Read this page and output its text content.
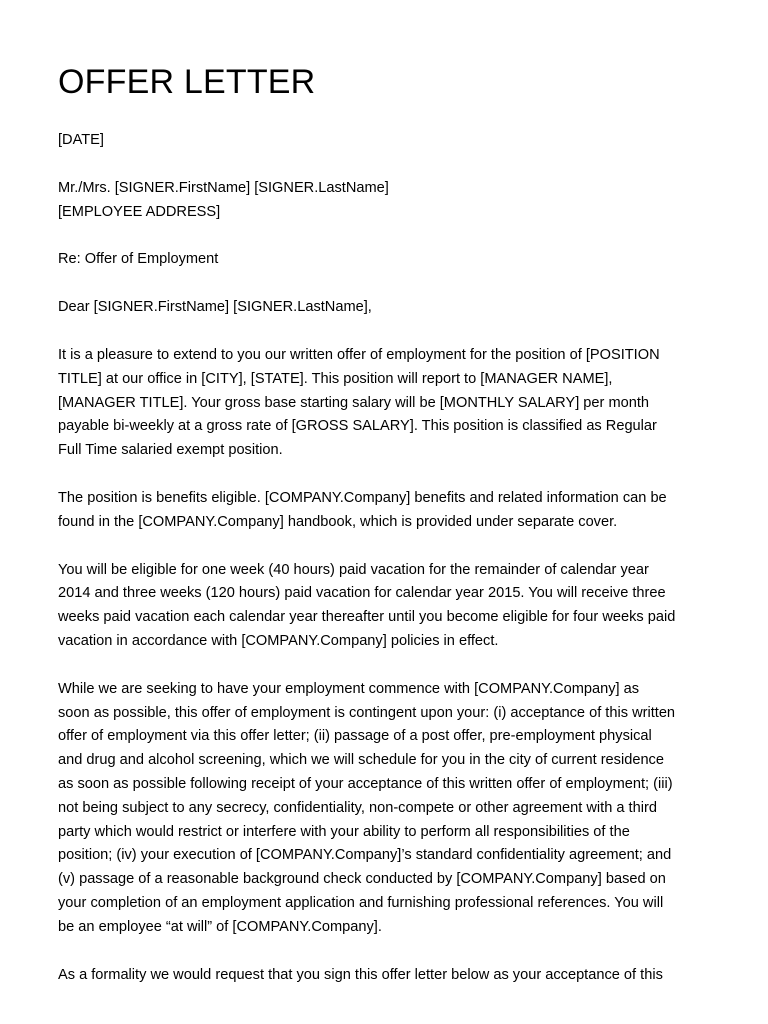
OFFER LETTER
[DATE]
Mr./Mrs. [SIGNER.FirstName] [SIGNER.LastName]
[EMPLOYEE ADDRESS]
Re: Offer of Employment
Dear [SIGNER.FirstName] [SIGNER.LastName],
It is a pleasure to extend to you our written offer of employment for the position of [POSITION
TITLE] at our office in [CITY], [STATE]. This position will report to [MANAGER NAME],
[MANAGER TITLE]. Your gross base starting salary will be [MONTHLY SALARY] per month
payable bi-weekly at a gross rate of [GROSS SALARY]. This position is classified as Regular
Full Time salaried exempt position.
The position is benefits eligible. [COMPANY.Company] benefits and related information can be
found in the [COMPANY.Company] handbook, which is provided under separate cover.
You will be eligible for one week (40 hours) paid vacation for the remainder of calendar year
2014 and three weeks (120 hours) paid vacation for calendar year 2015. You will receive three
weeks paid vacation each calendar year thereafter until you become eligible for four weeks paid
vacation in accordance with [COMPANY.Company] policies in effect.
While we are seeking to have your employment commence with [COMPANY.Company] as
soon as possible, this offer of employment is contingent upon your: (i) acceptance of this written
offer of employment via this offer letter; (ii) passage of a post offer, pre-employment physical
and drug and alcohol screening, which we will schedule for you in the city of current residence
as soon as possible following receipt of your acceptance of this written offer of employment; (iii)
not being subject to any secrecy, confidentiality, non-compete or other agreement with a third
party which would restrict or interfere with your ability to perform all responsibilities of the
position; (iv) your execution of [COMPANY.Company]’s standard confidentiality agreement; and
(v) passage of a reasonable background check conducted by [COMPANY.Company] based on
your completion of an employment application and furnishing professional references. You will
be an employee “at will” of [COMPANY.Company].
As a formality we would request that you sign this offer letter below as your acceptance of this
